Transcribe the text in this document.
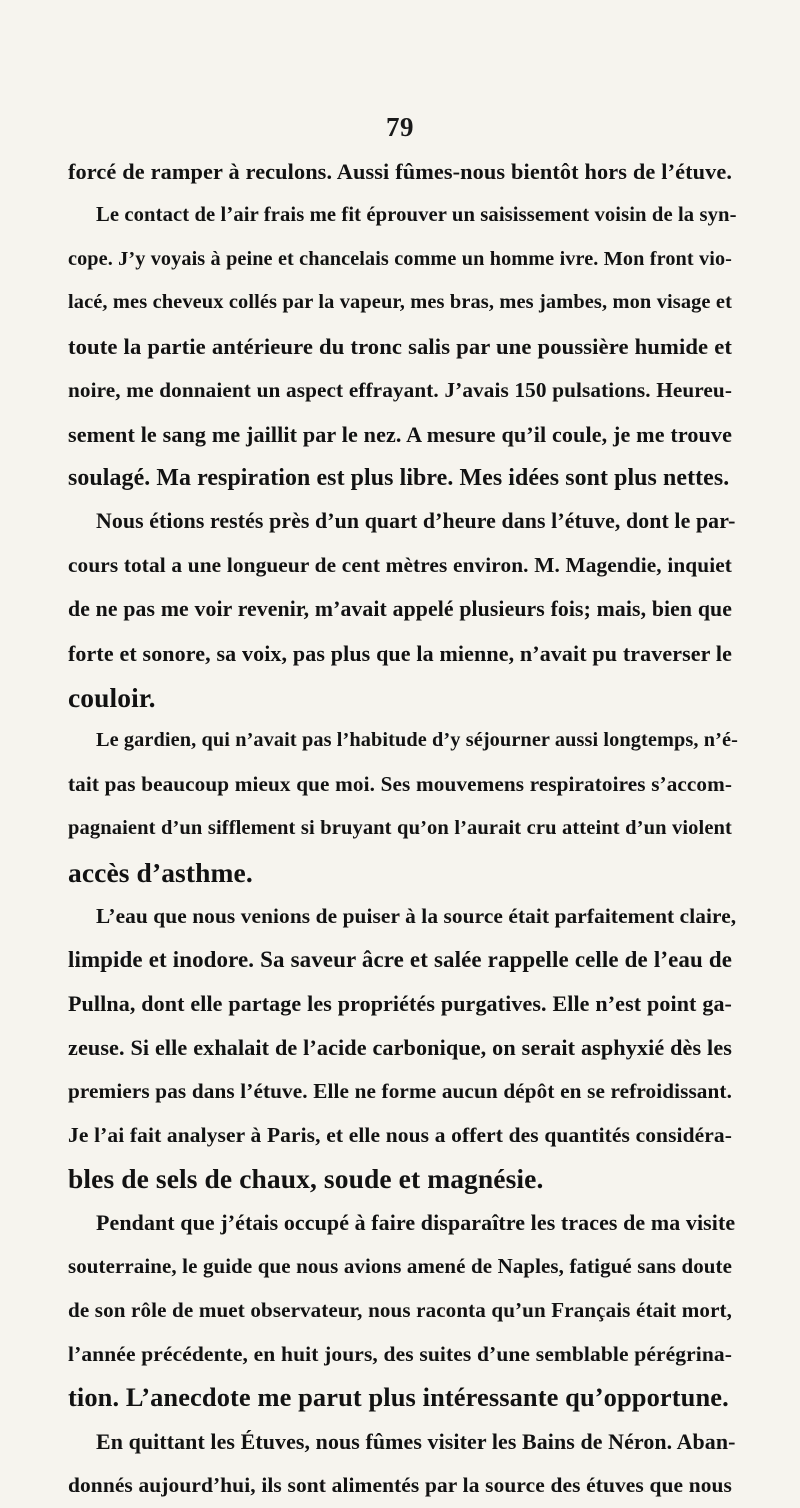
79
forcé de ramper à reculons. Aussi fûmes-nous bientôt hors de l’étuve.
Le contact de l’air frais me fit éprouver un saisissement voisin de la syn-
cope. J’y voyais à peine et chancelais comme un homme ivre. Mon front vio-
lacé, mes cheveux collés par la vapeur, mes bras, mes jambes, mon visage et
toute la partie antérieure du tronc salis par une poussière humide et
noire, me donnaient un aspect effrayant. J’avais 150 pulsations. Heureu-
sement le sang me jaillit par le nez. A mesure qu’il coule, je me trouve
soulagé. Ma respiration est plus libre. Mes idées sont plus nettes.
Nous étions restés près d’un quart d’heure dans l’étuve, dont le par-
cours total a une longueur de cent mètres environ. M. Magendie, inquiet
de ne pas me voir revenir, m’avait appelé plusieurs fois; mais, bien que
forte et sonore, sa voix, pas plus que la mienne, n’avait pu traverser le
couloir.
Le gardien, qui n’avait pas l’habitude d’y séjourner aussi longtemps, n’é-
tait pas beaucoup mieux que moi. Ses mouvemens respiratoires s’accom-
pagnaient d’un sifflement si bruyant qu’on l’aurait cru atteint d’un violent
accès d’asthme.
L’eau que nous venions de puiser à la source était parfaitement claire,
limpide et inodore. Sa saveur âcre et salée rappelle celle de l’eau de
Pullna, dont elle partage les propriétés purgatives. Elle n’est point ga-
zeuse. Si elle exhalait de l’acide carbonique, on serait asphyxié dès les
premiers pas dans l’étuve. Elle ne forme aucun dépôt en se refroidissant.
Je l’ai fait analyser à Paris, et elle nous a offert des quantités considéra-
bles de sels de chaux, soude et magnésie.
Pendant que j’étais occupé à faire disparaître les traces de ma visite
souterraine, le guide que nous avions amené de Naples, fatigué sans doute
de son rôle de muet observateur, nous raconta qu’un Français était mort,
l’année précédente, en huit jours, des suites d’une semblable pérégrina-
tion. L’anecdote me parut plus intéressante qu’opportune.
En quittant les Étuves, nous fûmes visiter les Bains de Néron. Aban-
donnés aujourd’hui, ils sont alimentés par la source des étuves que nous
